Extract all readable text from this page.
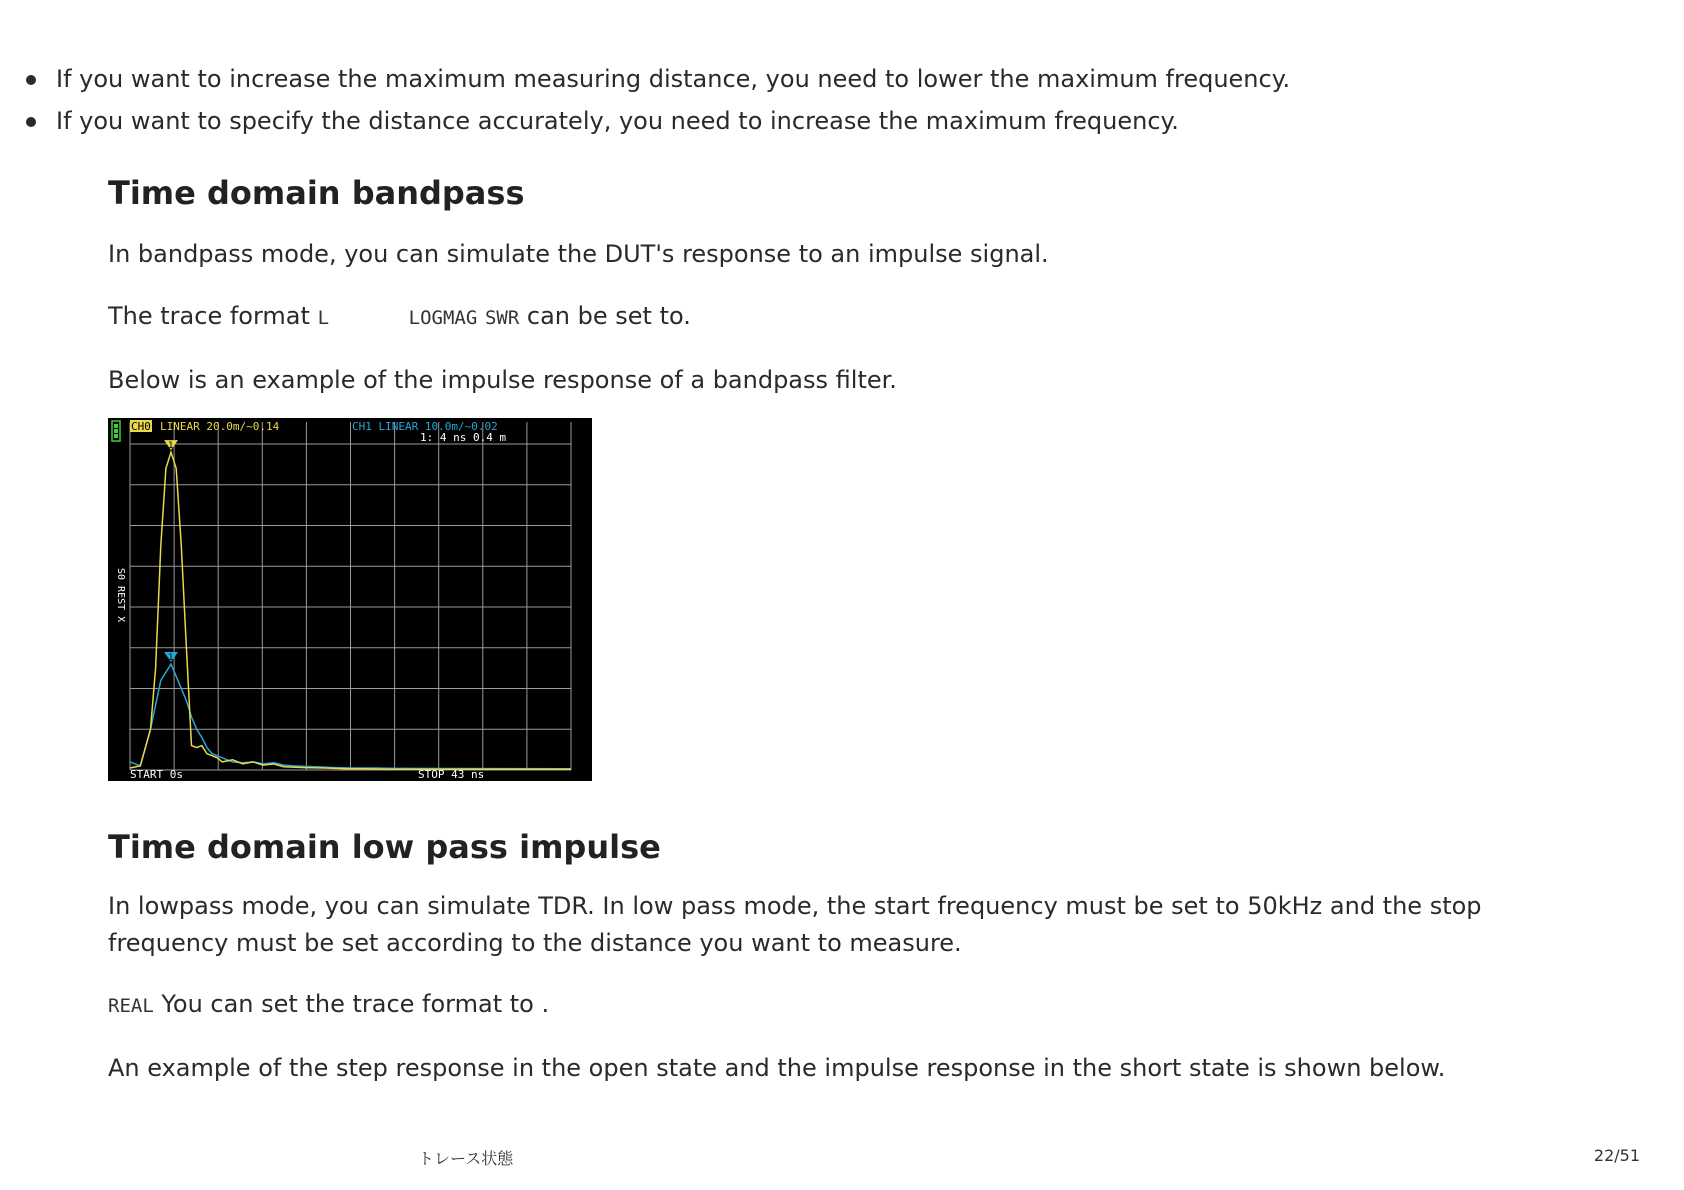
If you want to increase the maximum measuring distance, you need to lower the maximum frequency.
If you want to specify the distance accurately, you need to increase the maximum frequency.
Time domain bandpass

In bandpass mode, you can simulate the DUT's response to an impulse signal.

The trace format L	LOGMAG SWR can be set to.

Below is an example of the impulse response of a bandpass filter.

CH0 LINEAR 20.0m/~0.14	CH1 LINEAR 10.0m/~0.02
1: 4 ns 0.4 m
S0 REST X
1
1
START 0s	STOP 43 ns
Time domain low pass impulse

In lowpass mode, you can simulate TDR. In low pass mode, the start frequency must be set to 50kHz and the stop frequency must be set according to the distance you want to measure.

REAL You can set the trace format to .

An example of the step response in the open state and the impulse response in the short state is shown below.

トレース状態	22/51
